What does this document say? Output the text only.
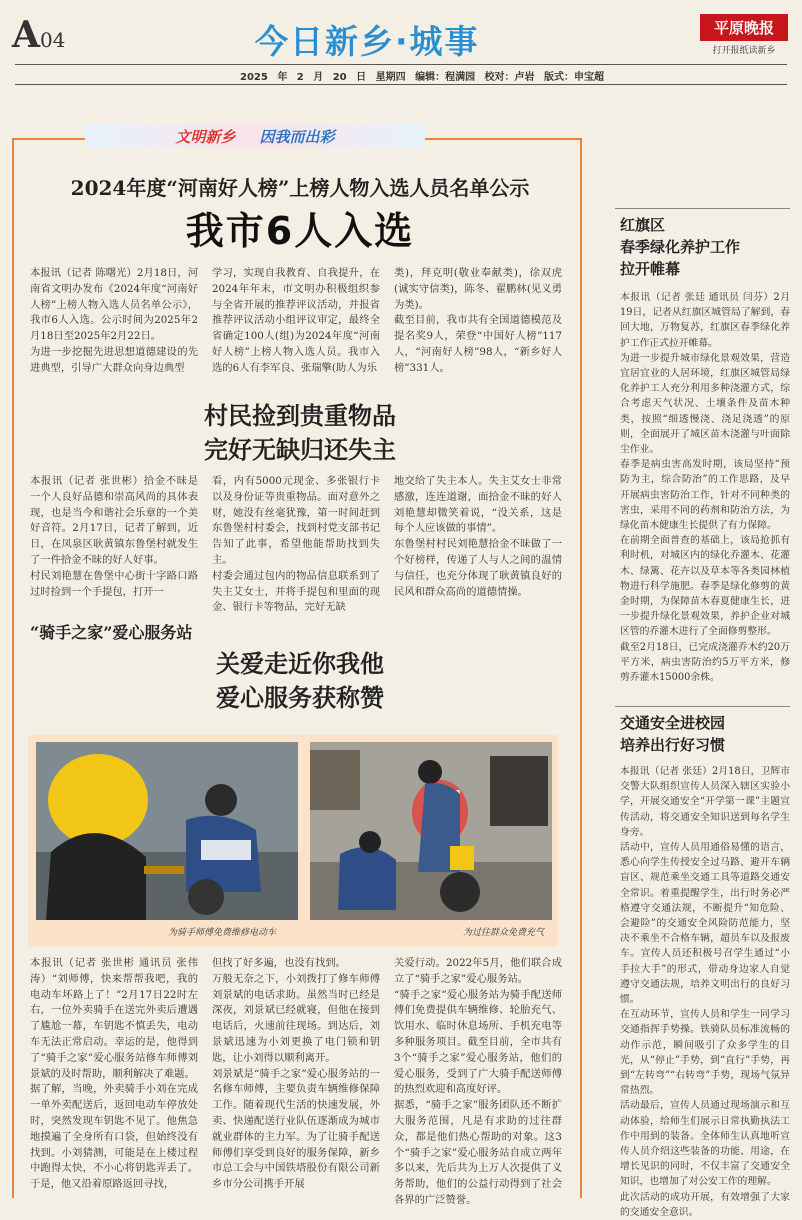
A04	今日新乡·城事	平原晚报
打开报纸读新乡
2025 年 2 月 20 日 星期四 编辑：程满园 校对：卢岩 版式：申宝超
文明新乡 因我而出彩
2024年度“河南好人榜”上榜人物入选人员名单公示
我市6人入选
本报讯（记者 陈曙光）2月18日，河南省文明办发布《2024年度“河南好人榜”上榜人物入选人员名单公示》，我市6人入选。公示时间为2025年2月18日至2025年2月22日。
为进一步挖掘先进思想道德建设的先进典型，引导广大群众向身边典型
学习，实现自我教育、自我提升，在2024年年末，市文明办积极组织参与全省开展的推荐评议活动，并报省推荐评议活动小组评议审定，最终全省确定100人(组)为2024年度“河南好人榜”上榜人物入选人员。我市入选的6人有李军良、张瑞擎(助人为乐
类)，拜克明(敬业奉献类)，徐双虎(诚实守信类)，陈冬、翟鹏林(见义勇为类)。
截至目前，我市共有全国道德模范及提名奖9人，荣登“中国好人榜”117人，“河南好人榜”98人，“新乡好人榜”331人。
村民捡到贵重物品
完好无缺归还失主
本报讯（记者 张世彬）拾金不昧是一个人良好品德和崇高风尚的具体表现，也是当今和谐社会乐章的一个美好音符。2月17日，记者了解到，近日，在凤泉区耿黄镇东鲁堡村就发生了一件拾金不昧的好人好事。
村民刘艳慧在鲁堡中心街十字路口路过时捡到一个手提包，打开一
看，内有5000元现金、多张银行卡以及身份证等贵重物品。面对意外之财，她没有丝毫犹豫，第一时间赶到东鲁堡村村委会，找到村党支部书记告知了此事，希望他能帮助找到失主。
村委会通过包内的物品信息联系到了失主艾女士，并将手提包和里面的现金、银行卡等物品，完好无缺
地交给了失主本人。失主艾女士非常感激，连连道谢，面拾金不昧的好人刘艳慧却微笑着说，“没关系，这是每个人应该做的事情”。
东鲁堡村村民刘艳慧拾金不昧做了一个好榜样，传递了人与人之间的温情与信任，也充分体现了耿黄镇良好的民风和群众高尚的道德情操。
“骑手之家”爱心服务站
关爱走近你我他
爱心服务获称赞
为骑手师傅免费维修电动车	为过往群众免费充气
本报讯（记者 张世彬 通讯员 张伟涛）“刘师傅，快来帮帮我吧，我的电动车坏路上了！”2月17日22时左右，一位外卖骑手在送完外卖后遭遇了尴尬一幕，车钥匙不慎丢失，电动车无法正常启动。幸运的是，他得到了“骑手之家”爱心服务站修车师傅刘景斌的及时帮助，顺利解决了难题。
据了解，当晚，外卖骑手小刘在完成一单外卖配送后，返回电动车停放处时，突然发现车钥匙不见了。他焦急地摸遍了全身所有口袋，但始终没有找到。小刘猜测，可能是在上楼过程中跑得太快，不小心将钥匙弄丢了。于是，他又沿着原路返回寻找，
但找了好多遍，也没有找到。
万般无奈之下，小刘拨打了修车师傅刘景斌的电话求助。虽然当时已经是深夜，刘景斌已经就寝，但他在接到电话后，火速前往现场。到达后，刘景斌迅速为小刘更换了电门锁和钥匙，让小刘得以顺利离开。
刘景斌是“骑手之家”爱心服务站的一名修车师傅，主要负责车辆维修保障工作。随着现代生活的快速发展，外卖、快递配送行业队伍逐渐成为城市就业群体的主力军。为了让骑手配送师傅们享受到良好的服务保障，新乡市总工会与中国铁塔股份有限公司新乡市分公司携手开展
关爱行动。2022年5月，他们联合成立了“骑手之家”爱心服务站。
“骑手之家”爱心服务站为骑手配送师傅们免费提供车辆维修、轮胎充气、饮用水、临时休息场所、手机充电等多种服务项目。截至目前，全市共有3个“骑手之家”爱心服务站，他们的爱心服务，受到了广大骑手配送师傅的热烈欢迎和高度好评。
据悉，“骑手之家”服务团队还不断扩大服务范围，凡是有求助的过往群众，都是他们热心帮助的对象。这3个“骑手之家”爱心服务站自成立两年多以来，先后共为上万人次提供了义务帮助，他们的公益行动得到了社会各界的广泛赞誉。
红旗区
春季绿化养护工作
拉开帷幕
本报讯（记者 张廷 通讯员 闫芬）2月19日，记者从红旗区城管局了解到，春回大地，万物复苏，红旗区春季绿化养护工作正式拉开帷幕。
为进一步提升城市绿化景观效果，营造宜居宜业的人居环境，红旗区城管局绿化养护工人充分利用多种浇灌方式，综合考虑天气状况、土壤条件及苗木种类，按照“细透慢浇、浇足浇透”的原则，全面展开了城区苗木浇灌与叶面除尘作业。
春季是病虫害高发时期，该局坚持“预防为主，综合防治”的工作思路，及早开展病虫害防治工作，针对不同种类的害虫，采用不同的药剂和防治方法，为绿化苗木健康生长提供了有力保障。
在前期全面普查的基础上，该局抢抓有利时机，对城区内的绿化乔灌木、花灌木、绿篱、花卉以及草本等各类园林植物进行科学施肥。春季是绿化修剪的黄金时期，为保障苗木春夏健康生长，进一步提升绿化景观效果，养护企业对城区管的乔灌木进行了全面修剪整形。
截至2月18日，已完成浇灌乔木约20万平方米，病虫害防治约5万平方米，修剪乔灌木15000余株。
交通安全进校园
培养出行好习惯
本报讯（记者 张廷）2月18日，卫辉市交警大队组织宣传人员深入辖区实验小学，开展交通安全“开学第一课”主题宣传活动，将交通安全知识送到每名学生身旁。
活动中，宣传人员用通俗易懂的语言，悉心向学生传授安全过马路、避开车辆盲区、规范乘坐交通工具等道路交通安全常识。着重提醒学生，出行时务必严格遵守交通法规，不断提升“知危险、会避险”的交通安全风险防范能力，坚决不乘坐不合格车辆，超员车以及报废车。宣传人员还积极号召学生通过“小手拉大手”的形式，带动身边家人自觉遵守交通法规，培养文明出行的良好习惯。
在互动环节，宣传人员和学生一同学习交通指挥手势操。铁骑队员标准流畅的动作示范，瞬间吸引了众多学生的目光，从“停止”手势，到“直行”手势，再到“左转弯”“右转弯”手势，现场气氛异常热烈。
活动最后，宣传人员通过现场演示和互动体验，给师生们展示日常执勤执法工作中用到的装备。全体师生认真地听宣传人员介绍这些装备的功能、用途，在增长见识的同时，不仅丰富了交通安全知识，也增加了对公安工作的理解。
此次活动的成功开展，有效增强了大家的交通安全意识。
